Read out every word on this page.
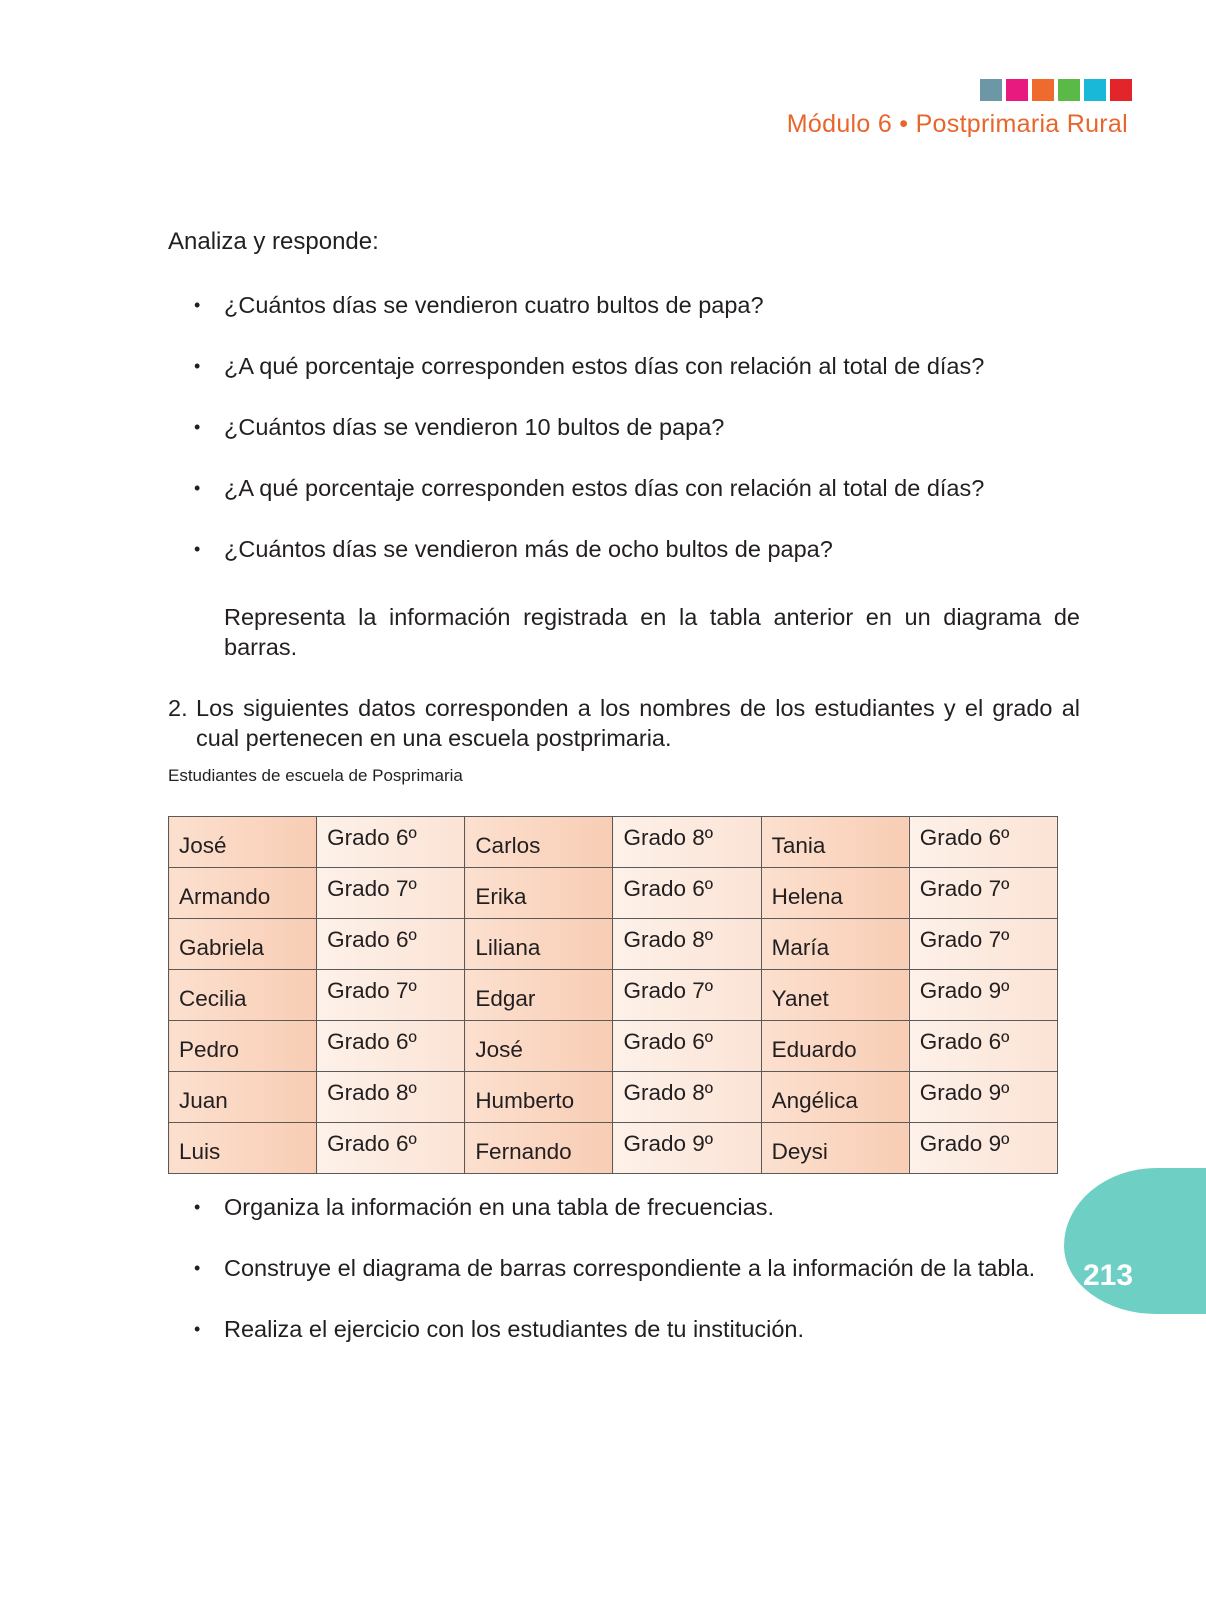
Módulo 6 • Postprimaria Rural
Analiza y responde:
• ¿Cuántos días se vendieron cuatro bultos de papa?
• ¿A qué porcentaje corresponden estos días con relación al total de días?
• ¿Cuántos días se vendieron 10 bultos de papa?
• ¿A qué porcentaje corresponden estos días con relación al total de días?
• ¿Cuántos días se vendieron más de ocho bultos de papa?
Representa la información registrada en la tabla anterior en un diagrama de barras.
2. Los siguientes datos corresponden a los nombres de los estudiantes y el grado al cual pertenecen en una escuela postprimaria.
Estudiantes de escuela de Posprimaria
José	Grado 6º	Carlos	Grado 8º	Tania	Grado 6º
Armando	Grado 7º	Erika	Grado 6º	Helena	Grado 7º
Gabriela	Grado 6º	Liliana	Grado 8º	María	Grado 7º
Cecilia	Grado 7º	Edgar	Grado 7º	Yanet	Grado 9º
Pedro	Grado 6º	José	Grado 6º	Eduardo	Grado 6º
Juan	Grado 8º	Humberto	Grado 8º	Angélica	Grado 9º
Luis	Grado 6º	Fernando	Grado 9º	Deysi	Grado 9º
• Organiza la información en una tabla de frecuencias.
• Construye el diagrama de barras correspondiente a la información de la tabla.
• Realiza el ejercicio con los estudiantes de tu institución.
213
